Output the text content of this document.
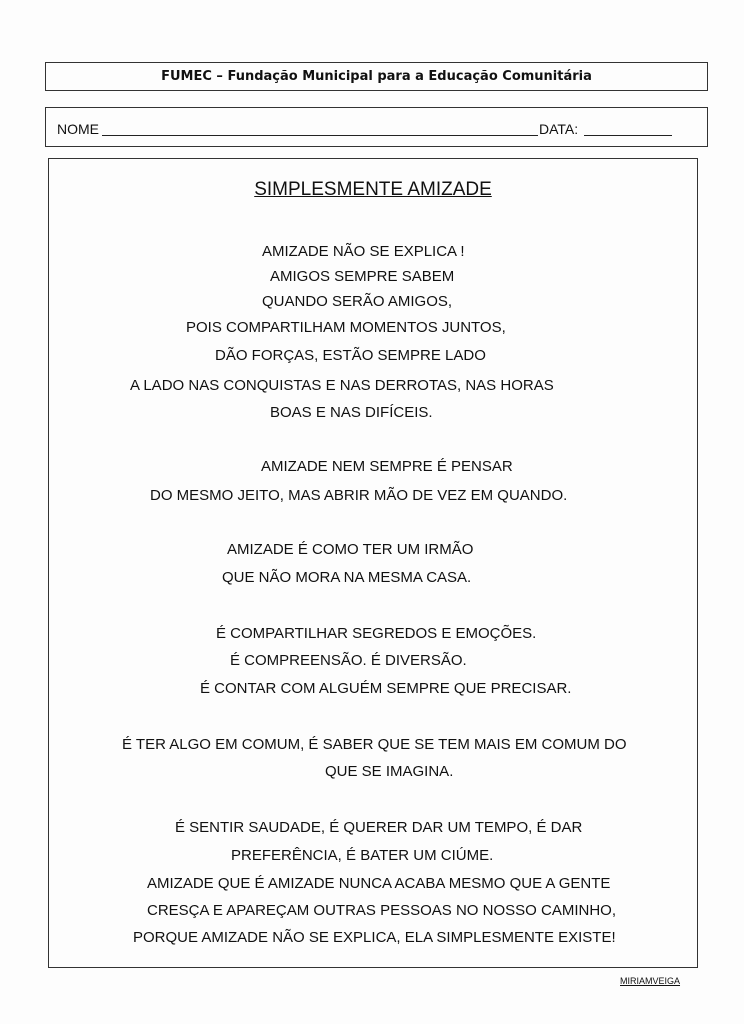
FUMEC – Fundação Municipal para a Educação Comunitária
NOME	DATA:
SIMPLESMENTE AMIZADE
AMIZADE NÃO SE EXPLICA !
AMIGOS SEMPRE SABEM
QUANDO SERÃO AMIGOS,
POIS COMPARTILHAM MOMENTOS JUNTOS,
DÃO FORÇAS, ESTÃO SEMPRE LADO
A LADO NAS CONQUISTAS E NAS DERROTAS, NAS HORAS
BOAS E NAS DIFÍCEIS.
AMIZADE NEM SEMPRE É PENSAR
DO MESMO JEITO, MAS ABRIR MÃO DE VEZ EM QUANDO.
AMIZADE É COMO TER UM IRMÃO
QUE NÃO MORA NA MESMA CASA.
É COMPARTILHAR SEGREDOS E EMOÇÕES.
É COMPREENSÃO. É DIVERSÃO.
É CONTAR COM ALGUÉM SEMPRE QUE PRECISAR.
É TER ALGO EM COMUM, É SABER QUE SE TEM MAIS EM COMUM DO
QUE SE IMAGINA.
É SENTIR SAUDADE, É QUERER DAR UM TEMPO, É DAR
PREFERÊNCIA, É BATER UM CIÚME.
AMIZADE QUE É AMIZADE NUNCA ACABA MESMO QUE A GENTE
CRESÇA E APAREÇAM OUTRAS PESSOAS NO NOSSO CAMINHO,
PORQUE AMIZADE NÃO SE EXPLICA, ELA SIMPLESMENTE EXISTE!
MIRIAMVEIGA
